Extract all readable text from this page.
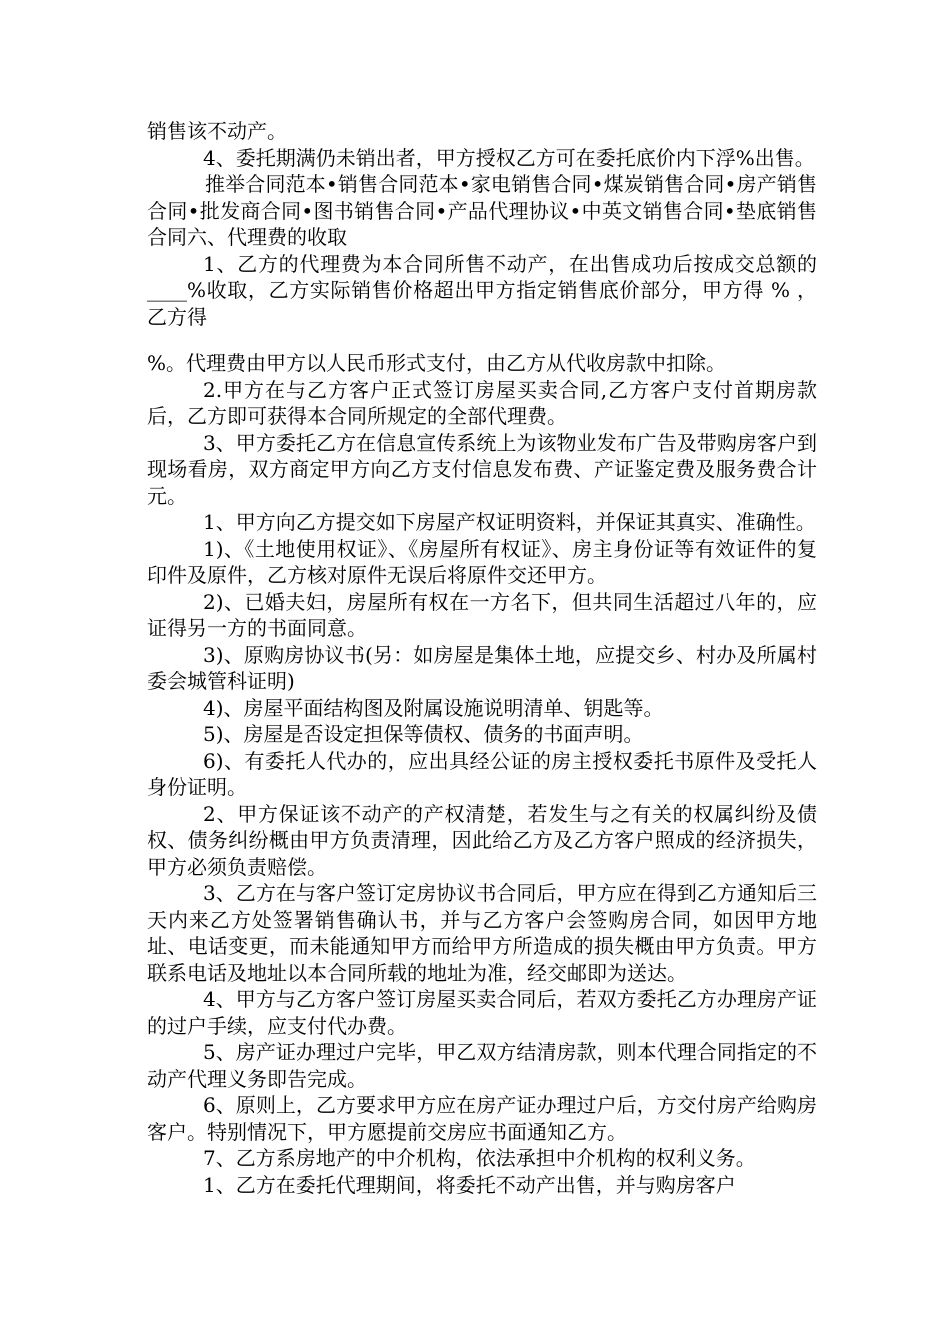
销售该不动产。

4、委托期满仍未销出者，甲方授权乙方可在委托底价内下浮%出售。

推举合同范本•销售合同范本•家电销售合同•煤炭销售合同•房产销售合同•批发商合同•图书销售合同•产品代理协议•中英文销售合同•垫底销售合同六、代理费的收取

1、乙方的代理费为本合同所售不动产，在出售成功后按成交总额的____%收取，乙方实际销售价格超出甲方指定销售底价部分，甲方得 % ， 乙方得

%。代理费由甲方以人民币形式支付，由乙方从代收房款中扣除。

2.甲方在与乙方客户正式签订房屋买卖合同,乙方客户支付首期房款后，乙方即可获得本合同所规定的全部代理费。

3、甲方委托乙方在信息宣传系统上为该物业发布广告及带购房客户到现场看房，双方商定甲方向乙方支付信息发布费、产证鉴定费及服务费合计 元。

1、甲方向乙方提交如下房屋产权证明资料，并保证其真实、准确性。

1)、《土地使用权证》、《房屋所有权证》、房主身份证等有效证件的复印件及原件，乙方核对原件无误后将原件交还甲方。

2)、已婚夫妇，房屋所有权在一方名下，但共同生活超过八年的，应证得另一方的书面同意。

3)、原购房协议书(另：如房屋是集体土地，应提交乡、村办及所属村委会城管科证明)

4)、房屋平面结构图及附属设施说明清单、钥匙等。

5)、房屋是否设定担保等债权、债务的书面声明。

6)、有委托人代办的，应出具经公证的房主授权委托书原件及受托人身份证明。

2、甲方保证该不动产的产权清楚，若发生与之有关的权属纠纷及债权、债务纠纷概由甲方负责清理，因此给乙方及乙方客户照成的经济损失，甲方必须负责赔偿。

3、乙方在与客户签订定房协议书合同后，甲方应在得到乙方通知后三天内来乙方处签署销售确认书，并与乙方客户会签购房合同，如因甲方地址、电话变更，而未能通知甲方而给甲方所造成的损失概由甲方负责。甲方联系电话及地址以本合同所载的地址为准，经交邮即为送达。

4、甲方与乙方客户签订房屋买卖合同后，若双方委托乙方办理房产证的过户手续，应支付代办费。

5、房产证办理过户完毕，甲乙双方结清房款，则本代理合同指定的不动产代理义务即告完成。

6、原则上，乙方要求甲方应在房产证办理过户后，方交付房产给购房客户。特别情况下，甲方愿提前交房应书面通知乙方。

7、乙方系房地产的中介机构，依法承担中介机构的权利义务。

1、乙方在委托代理期间，将委托不动产出售，并与购房客户
